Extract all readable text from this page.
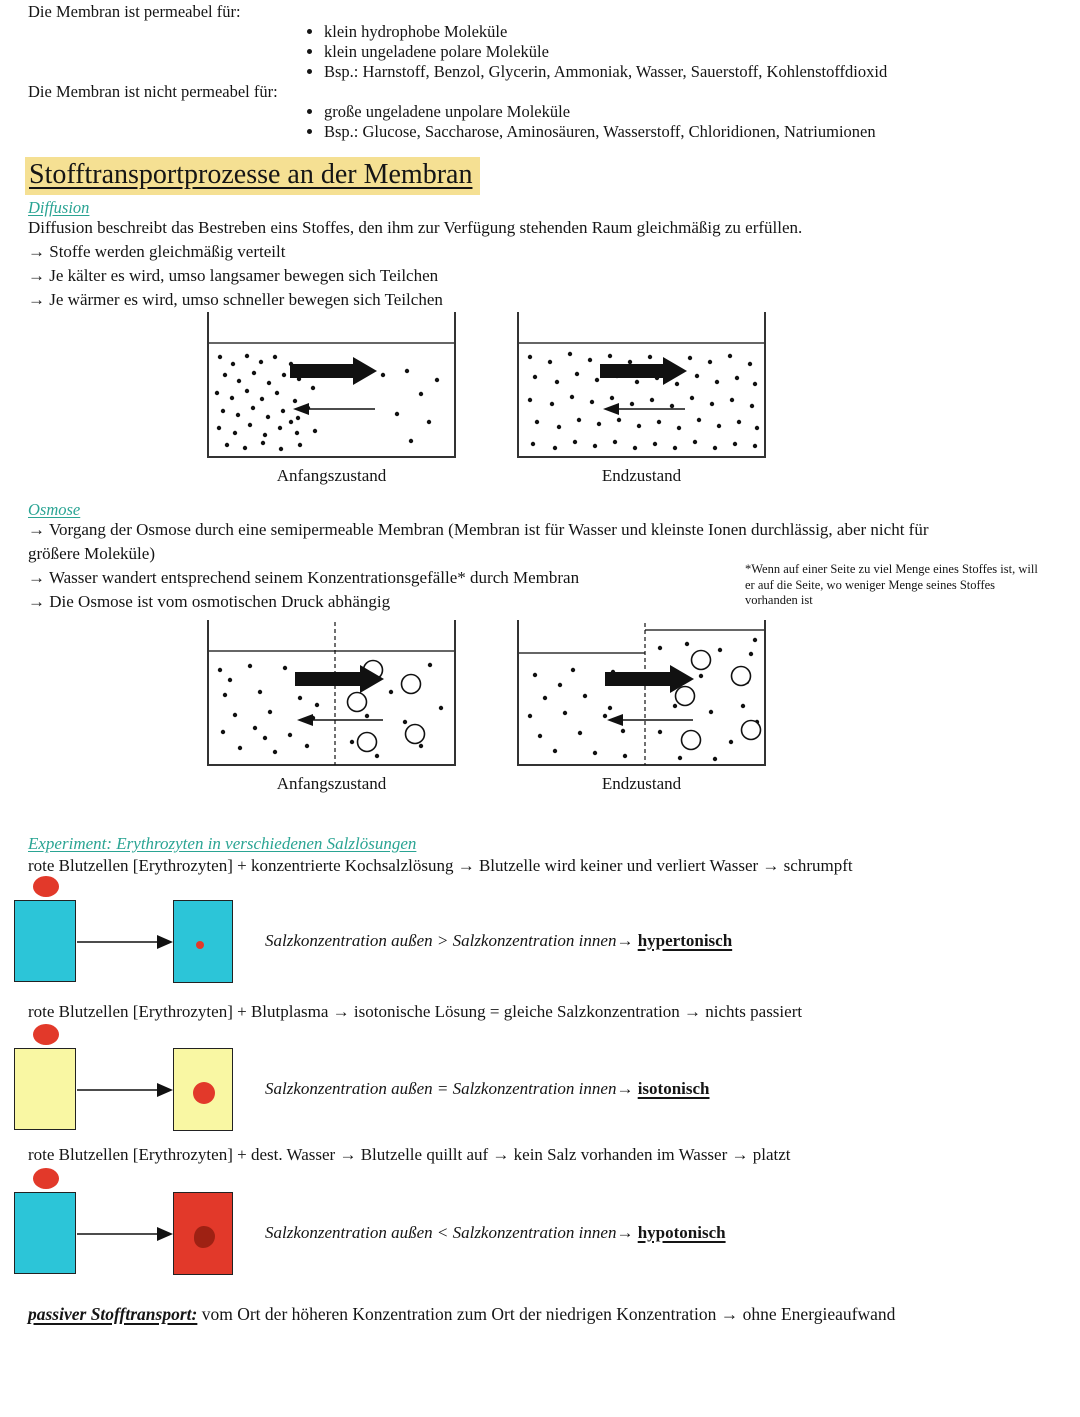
Die Membran ist permeabel für:
• klein hydrophobe Moleküle
• klein ungeladene polare Moleküle
• Bsp.: Harnstoff, Benzol, Glycerin, Ammoniak, Wasser, Sauerstoff, Kohlenstoffdioxid
Die Membran ist nicht permeabel für:
• große ungeladene unpolare Moleküle
• Bsp.: Glucose, Saccharose, Aminosäuren, Wasserstoff, Chloridionen, Natriumionen
Stofftransportprozesse an der Membran
Diffusion
Diffusion beschreibt das Bestreben eins Stoffes, den ihm zur Verfügung stehenden Raum gleichmäßig zu erfüllen.
→ Stoffe werden gleichmäßig verteilt
→ Je kälter es wird, umso langsamer bewegen sich Teilchen
→ Je wärmer es wird, umso schneller bewegen sich Teilchen
Anfangszustand	Endzustand
Osmose
→ Vorgang der Osmose durch eine semipermeable Membran (Membran ist für Wasser und kleinste Ionen durchlässig, aber nicht für größere Moleküle)
→ Wasser wandert entsprechend seinem Konzentrationsgefälle* durch Membran
→ Die Osmose ist vom osmotischen Druck abhängig
*Wenn auf einer Seite zu viel Menge eines Stoffes ist, will er auf die Seite, wo weniger Menge seines Stoffes vorhanden ist
Anfangszustand	Endzustand
Experiment: Erythrozyten in verschiedenen Salzlösungen
rote Blutzellen [Erythrozyten] + konzentrierte Kochsalzlösung → Blutzelle wird keiner und verliert Wasser → schrumpft
Salzkonzentration außen > Salzkonzentration innen→ hypertonisch
rote Blutzellen [Erythrozyten] + Blutplasma → isotonische Lösung = gleiche Salzkonzentration → nichts passiert
Salzkonzentration außen = Salzkonzentration innen→ isotonisch
rote Blutzellen [Erythrozyten] + dest. Wasser → Blutzelle quillt auf → kein Salz vorhanden im Wasser → platzt
Salzkonzentration außen < Salzkonzentration innen→ hypotonisch
passiver Stofftransport: vom Ort der höheren Konzentration zum Ort der niedrigen Konzentration → ohne Energieaufwand
